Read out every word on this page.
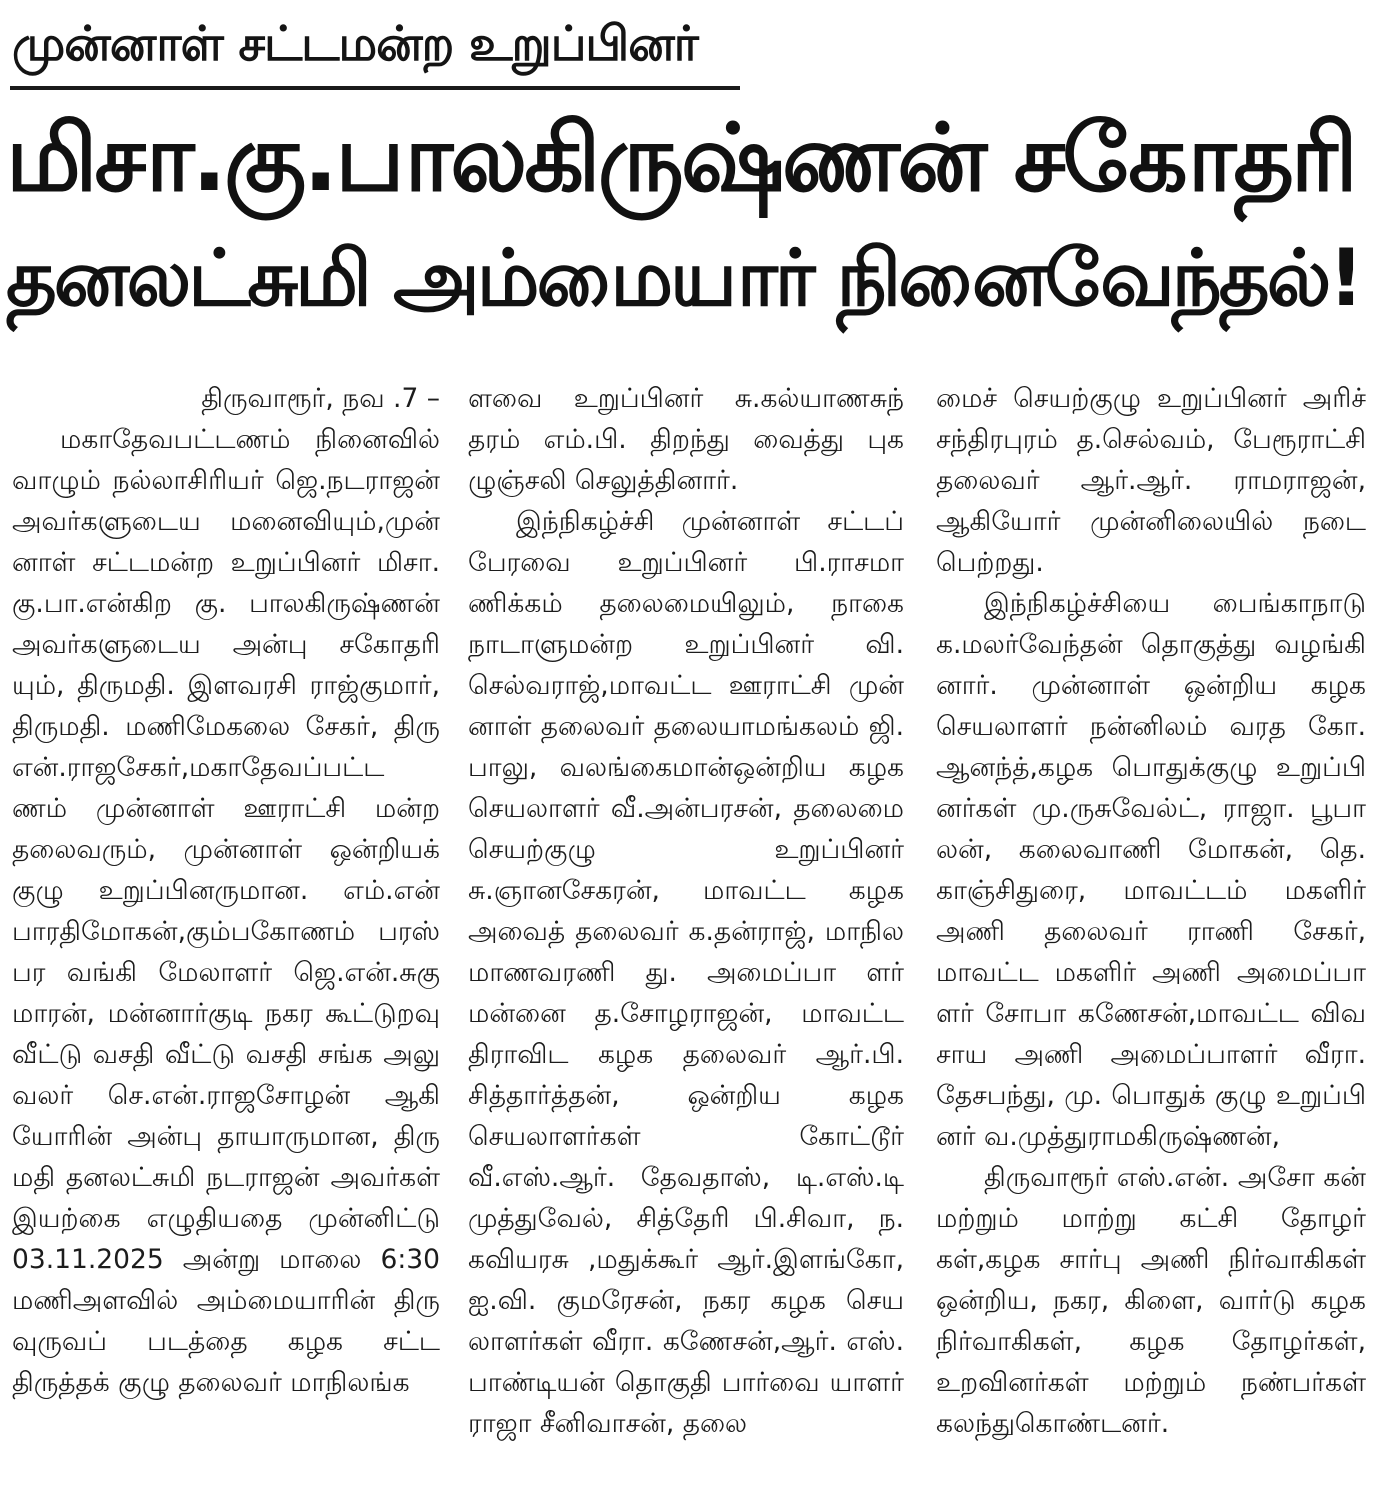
முன்னாள் சட்டமன்ற உறுப்பினர்
மிசா.கு.பாலகிருஷ்ணன் சகோதரி
தனலட்சுமி அம்மையார் நினைவேந்தல்!

திருவாரூர், நவ .7 –

மகாதேவபட்டணம் நினைவில் வாழும் நல்லாசிரியர் ஜெ.நடராஜன் அவர்களுடைய மனைவியும்,முன் னாள் சட்டமன்ற உறுப்பினர் மிசா. கு.பா.என்கிற கு. பாலகிருஷ்ணன் அவர்களுடைய அன்பு சகோதரி யும், திருமதி. இளவரசி ராஜ்குமார், திருமதி. மணிமேகலை சேகர், திரு என்.ராஜசேகர்,மகாதேவப்பட்ட ணம் முன்னாள் ஊராட்சி மன்ற தலைவரும், முன்னாள் ஒன்றியக் குழு உறுப்பினருமான. எம்.என் பாரதிமோகன்,கும்பகோணம் பரஸ் பர வங்கி மேலாளர் ஜெ.என்.சுகு மாரன், மன்னார்குடி நகர கூட்டுறவு வீட்டு வசதி வீட்டு வசதி சங்க அலு வலர் செ.என்.ராஜசோழன் ஆகி யோரின் அன்பு தாயாருமான, திரு மதி தனலட்சுமி நடராஜன் அவர்கள் இயற்கை எழுதியதை முன்னிட்டு 03.11.2025 அன்று மாலை 6:30 மணிஅளவில் அம்மையாரின் திரு வுருவப் படத்தை கழக சட்ட திருத்தக் குழு தலைவர் மாநிலங்க

ளவை உறுப்பினர் சு.கல்யாணசுந் தரம் எம்.பி. திறந்து வைத்து புக ழுஞ்சலி செலுத்தினார்.

இந்நிகழ்ச்சி முன்னாள் சட்டப் பேரவை உறுப்பினர் பி.ராசமா ணிக்கம் தலைமையிலும், நாகை நாடாளுமன்ற உறுப்பினர் வி. செல்வராஜ்,மாவட்ட ஊராட்சி முன் னாள் தலைவர் தலையாமங்கலம் ஜி. பாலு, வலங்கைமான்ஒன்றிய கழக செயலாளர் வீ.அன்பரசன், தலைமை செயற்குழு உறுப்பினர் சு.ஞானசேகரன், மாவட்ட கழக அவைத் தலைவர் க.தன்ராஜ், மாநில மாணவரணி து. அமைப்பா ளர் மன்னை த.சோழராஜன், மாவட்ட திராவிட கழக தலைவர் ஆர்.பி. சித்தார்த்தன், ஒன்றிய கழக செயலாளர்கள் கோட்டூர் வீ.எஸ்.ஆர். தேவதாஸ், டி.எஸ்.டி முத்துவேல், சித்தேரி பி.சிவா, ந. கவியரசு ,மதுக்கூர் ஆர்.இளங்கோ, ஐ.வி. குமரேசன், நகர கழக செய லாளர்கள் வீரா. கணேசன்,ஆர். எஸ். பாண்டியன் தொகுதி பார்வை யாளர் ராஜா சீனிவாசன், தலை

மைச் செயற்குழு உறுப்பினர் அரிச் சந்திரபுரம் த.செல்வம், பேரூராட்சி தலைவர் ஆர்.ஆர். ராமராஜன், ஆகியோர் முன்னிலையில் நடை பெற்றது.

இந்நிகழ்ச்சியை பைங்காநாடு க.மலர்வேந்தன் தொகுத்து வழங்கி னார். முன்னாள் ஒன்றிய கழக செயலாளர் நன்னிலம் வரத கோ. ஆனந்த்,கழக பொதுக்குழு உறுப்பி னர்கள் மு.ருசுவேல்ட், ராஜா. பூபா லன், கலைவாணி மோகன், தெ. காஞ்சிதுரை, மாவட்டம் மகளிர் அணி தலைவர் ராணி சேகர், மாவட்ட மகளிர் அணி அமைப்பா ளர் சோபா கணேசன்,மாவட்ட விவ சாய அணி அமைப்பாளர் வீரா. தேசபந்து, மு. பொதுக் குழு உறுப்பி னர் வ.முத்துராமகிருஷ்ணன்,

திருவாரூர் எஸ்.என். அசோ கன் மற்றும் மாற்று கட்சி தோழர் கள்,கழக சார்பு அணி நிர்வாகிகள் ஒன்றிய, நகர, கிளை, வார்டு கழக நிர்வாகிகள், கழக தோழர்கள், உறவினர்கள் மற்றும் நண்பர்கள் கலந்துகொண்டனர்.
